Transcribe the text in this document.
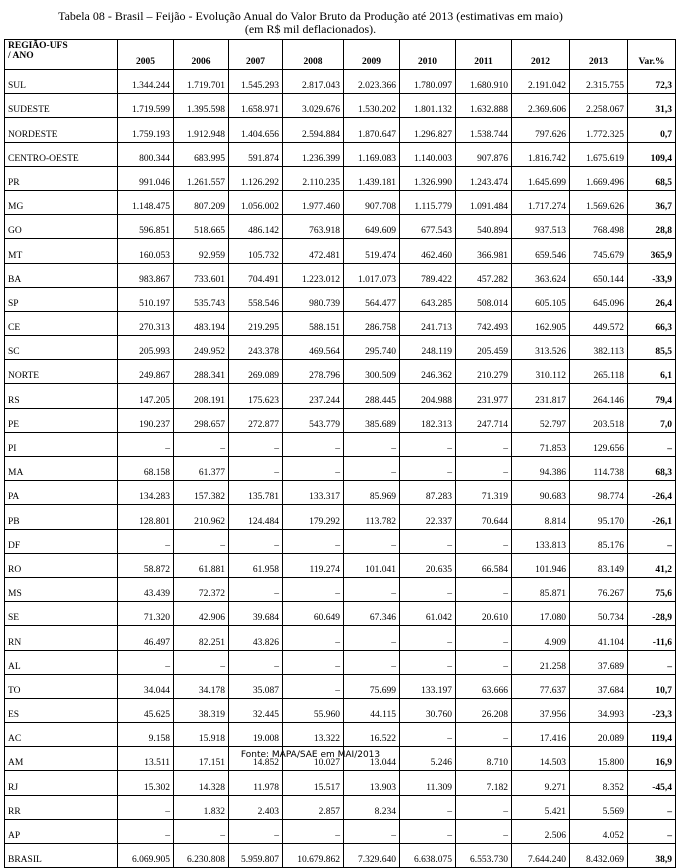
Tabela 08 - Brasil – Feijão - Evolução Anual do Valor Bruto da Produção até 2013 (estimativas em maio)
(em R$ mil deflacionados).
REGIÃO-UFS
/ ANO	2005	2006	2007	2008	2009	2010	2011	2012	2013	Var.%
SUL	1.344.244	1.719.701	1.545.293	2.817.043	2.023.366	1.780.097	1.680.910	2.191.042	2.315.755	72,3
SUDESTE	1.719.599	1.395.598	1.658.971	3.029.676	1.530.202	1.801.132	1.632.888	2.369.606	2.258.067	31,3
NORDESTE	1.759.193	1.912.948	1.404.656	2.594.884	1.870.647	1.296.827	1.538.744	797.626	1.772.325	0,7
CENTRO-OESTE	800.344	683.995	591.874	1.236.399	1.169.083	1.140.003	907.876	1.816.742	1.675.619	109,4
PR	991.046	1.261.557	1.126.292	2.110.235	1.439.181	1.326.990	1.243.474	1.645.699	1.669.496	68,5
MG	1.148.475	807.209	1.056.002	1.977.460	907.708	1.115.779	1.091.484	1.717.274	1.569.626	36,7
GO	596.851	518.665	486.142	763.918	649.609	677.543	540.894	937.513	768.498	28,8
MT	160.053	92.959	105.732	472.481	519.474	462.460	366.981	659.546	745.679	365,9
BA	983.867	733.601	704.491	1.223.012	1.017.073	789.422	457.282	363.624	650.144	-33,9
SP	510.197	535.743	558.546	980.739	564.477	643.285	508.014	605.105	645.096	26,4
CE	270.313	483.194	219.295	588.151	286.758	241.713	742.493	162.905	449.572	66,3
SC	205.993	249.952	243.378	469.564	295.740	248.119	205.459	313.526	382.113	85,5
NORTE	249.867	288.341	269.089	278.796	300.509	246.362	210.279	310.112	265.118	6,1
RS	147.205	208.191	175.623	237.244	288.445	204.988	231.977	231.817	264.146	79,4
PE	190.237	298.657	272.877	543.779	385.689	182.313	247.714	52.797	203.518	7,0
PI	–	–	–	–	–	–	–	71.853	129.656	–
MA	68.158	61.377	–	–	–	–	–	94.386	114.738	68,3
PA	134.283	157.382	135.781	133.317	85.969	87.283	71.319	90.683	98.774	-26,4
PB	128.801	210.962	124.484	179.292	113.782	22.337	70.644	8.814	95.170	-26,1
DF	–	–	–	–	–	–	–	133.813	85.176	–
RO	58.872	61.881	61.958	119.274	101.041	20.635	66.584	101.946	83.149	41,2
MS	43.439	72.372	–	–	–	–	–	85.871	76.267	75,6
SE	71.320	42.906	39.684	60.649	67.346	61.042	20.610	17.080	50.734	-28,9
RN	46.497	82.251	43.826	–	–	–	–	4.909	41.104	-11,6
AL	–	–	–	–	–	–	–	21.258	37.689	–
TO	34.044	34.178	35.087	–	75.699	133.197	63.666	77.637	37.684	10,7
ES	45.625	38.319	32.445	55.960	44.115	30.760	26.208	37.956	34.993	-23,3
AC	9.158	15.918	19.008	13.322	16.522	–	–	17.416	20.089	119,4
AM	13.511	17.151	14.852	10.027	13.044	5.246	8.710	14.503	15.800	16,9
RJ	15.302	14.328	11.978	15.517	13.903	11.309	7.182	9.271	8.352	-45,4
RR	–	1.832	2.403	2.857	8.234	–	–	5.421	5.569	–
AP	–	–	–	–	–	–	–	2.506	4.052	–
BRASIL	6.069.905	6.230.808	5.959.807	10.679.862	7.329.640	6.638.075	6.553.730	7.644.240	8.432.069	38,9
Fonte: MAPA/SAE em MAI/2013
